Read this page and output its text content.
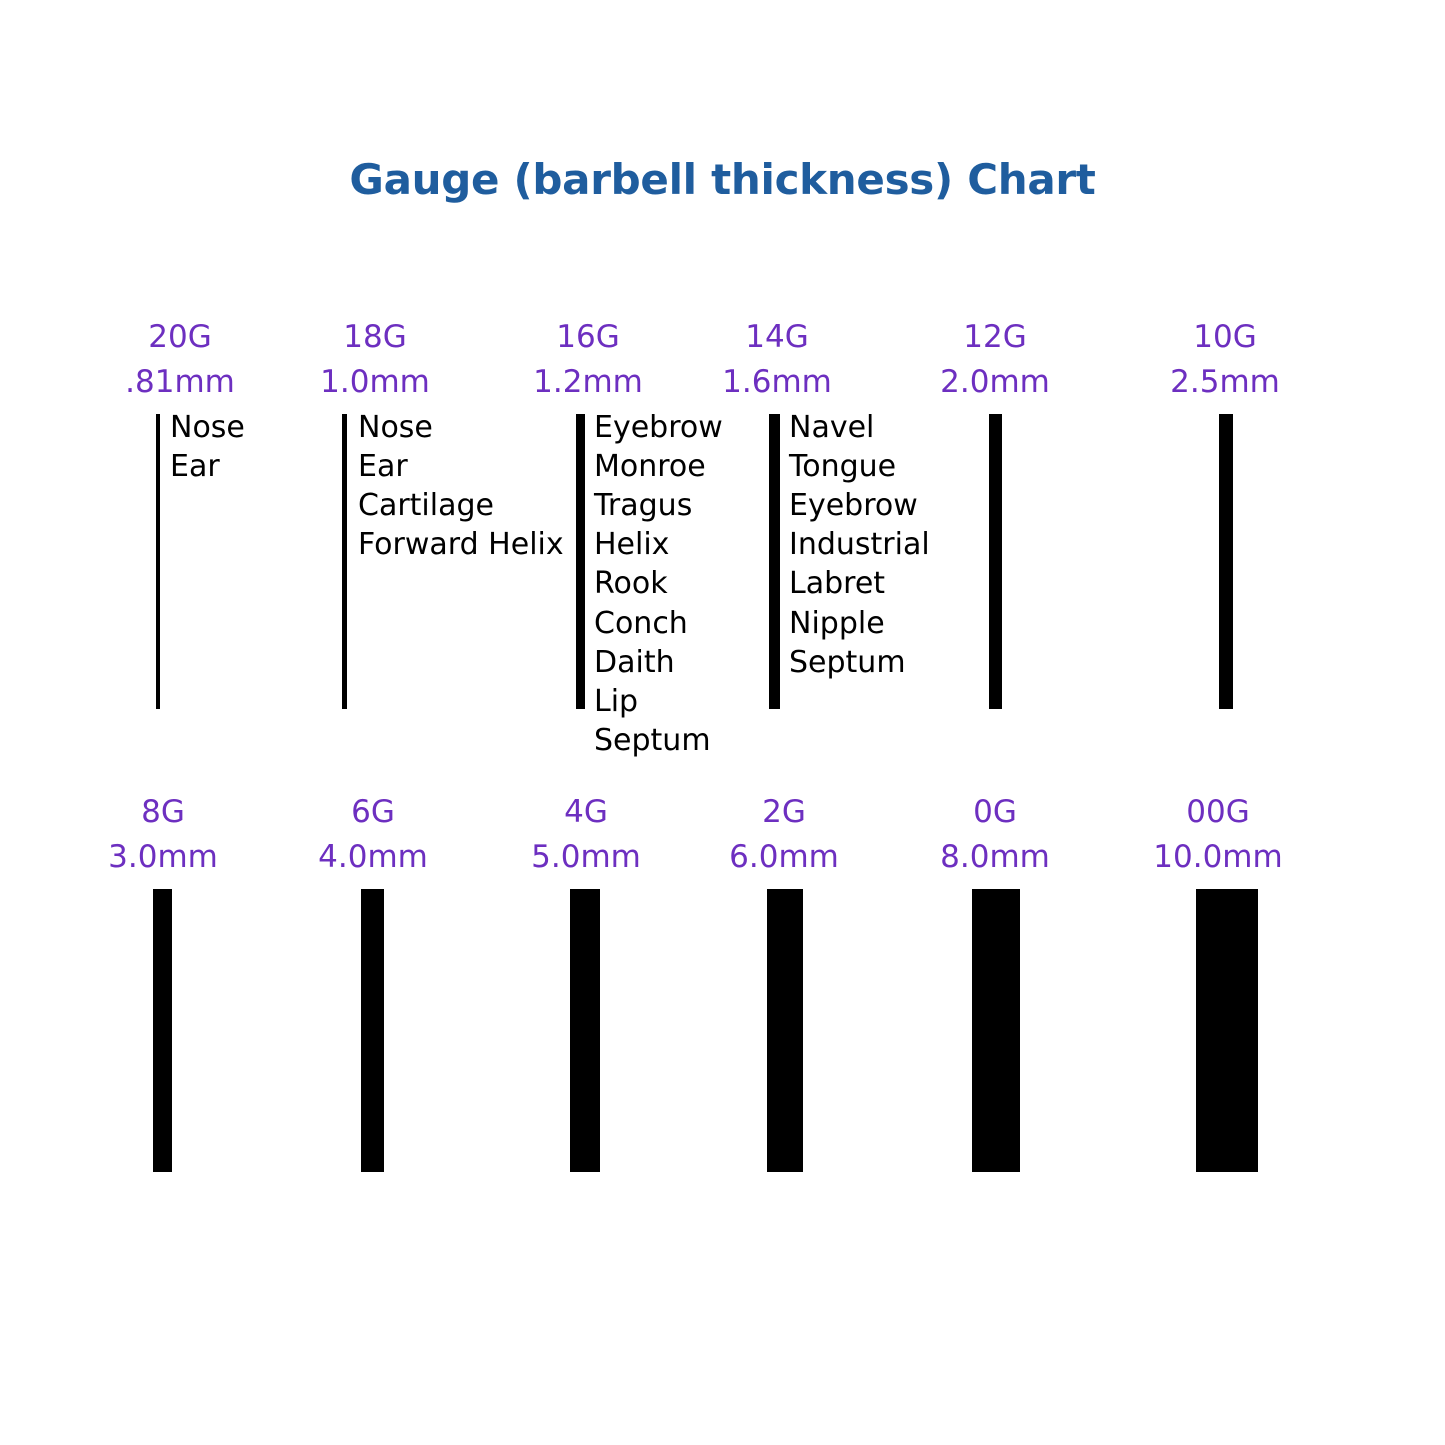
Gauge (barbell thickness) Chart
20G
.81mm
Nose
Ear
18G
1.0mm
Nose
Ear
Cartilage
Forward Helix
16G
1.2mm
Eyebrow
Monroe
Tragus
Helix
Rook
Conch
Daith
Lip
Septum
14G
1.6mm
Navel
Tongue
Eyebrow
Industrial
Labret
Nipple
Septum
12G
2.0mm
10G
2.5mm
8G
3.0mm
6G
4.0mm
4G
5.0mm
2G
6.0mm
0G
8.0mm
00G
10.0mm
